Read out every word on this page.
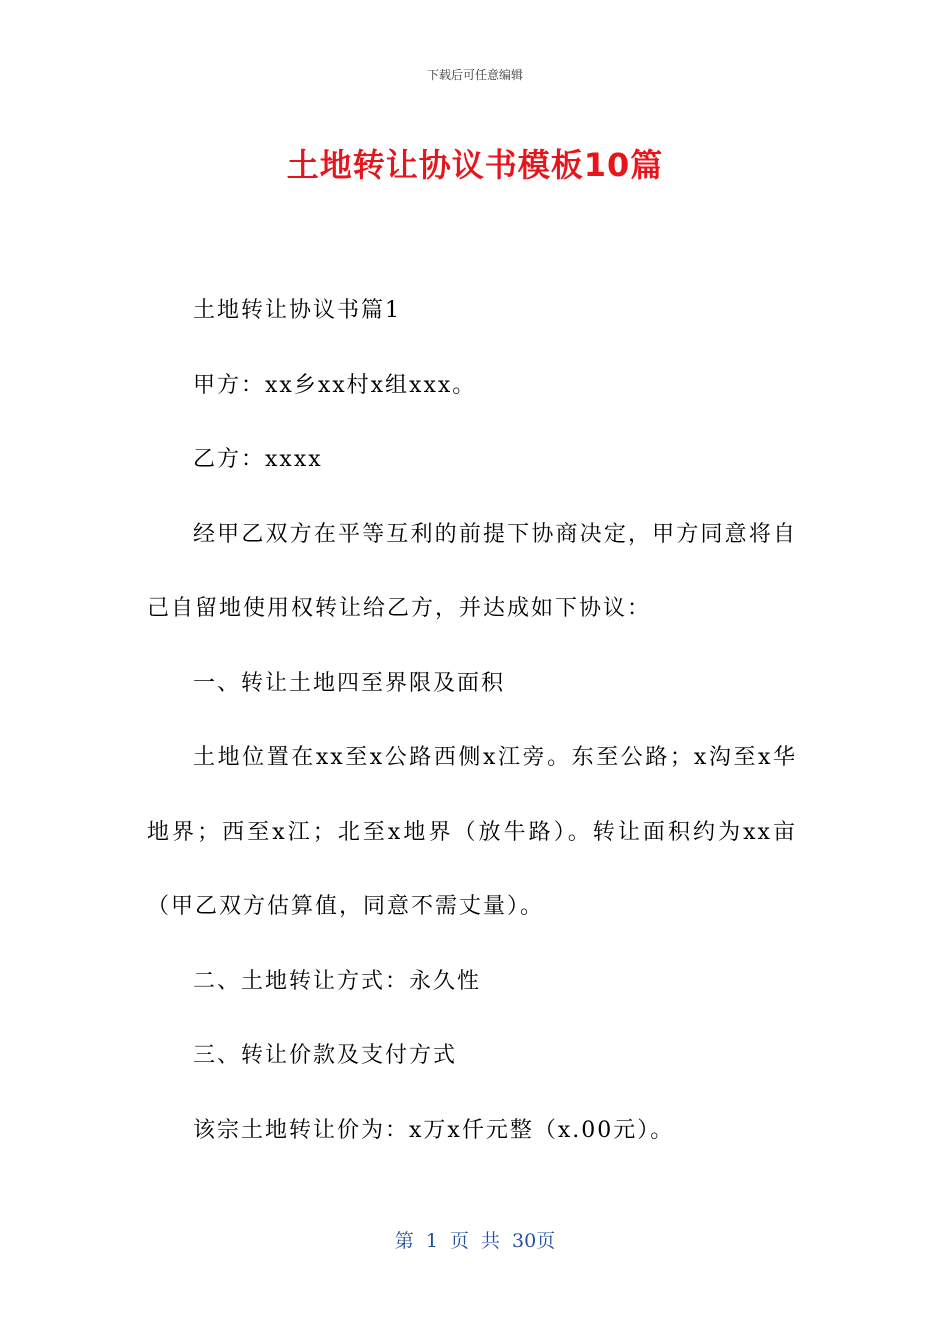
下载后可任意编辑
土地转让协议书模板10篇

土地转让协议书篇1

甲方：xx乡xx村x组xxx。

乙方：xxxx

经甲乙双方在平等互利的前提下协商决定，甲方同意将自己自留地使用权转让给乙方，并达成如下协议：

一、转让土地四至界限及面积

土地位置在xx至x公路西侧x江旁。东至公路；x沟至x华地界；西至x江；北至x地界（放牛路）。转让面积约为xx亩（甲乙双方估算值，同意不需丈量）。

二、土地转让方式：永久性

三、转让价款及支付方式

该宗土地转让价为：x万x仟元整（x.00元）。

第 1 页 共 30页
